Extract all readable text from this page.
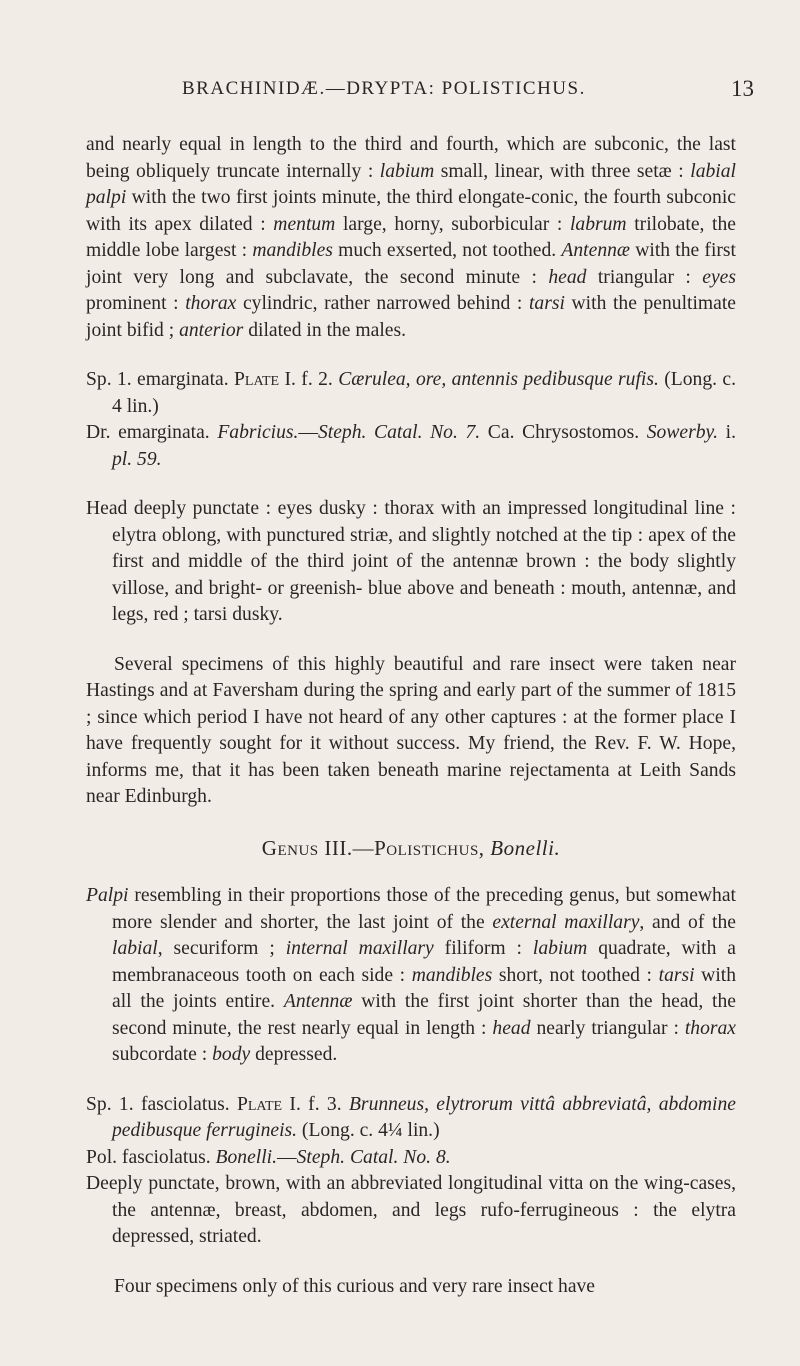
BRACHINIDÆ.—DRYPTA: POLISTICHUS.	13

and nearly equal in length to the third and fourth, which are subconic, the last being obliquely truncate internally : labium small, linear, with three setæ : labial palpi with the two first joints minute, the third elongate-conic, the fourth subconic with its apex dilated : mentum large, horny, suborbicular : labrum trilobate, the middle lobe largest : mandibles much exserted, not toothed. Antennæ with the first joint very long and subclavate, the second minute : head triangular : eyes prominent : thorax cylindric, rather narrowed behind : tarsi with the penultimate joint bifid ; anterior dilated in the males.

Sp. 1. emarginata. Plate I. f. 2. Cærulea, ore, antennis pedibusque rufis. (Long. c. 4 lin.)

Dr. emarginata. Fabricius.—Steph. Catal. No. 7. Ca. Chrysostomos. Sowerby. i. pl. 59.

Head deeply punctate : eyes dusky : thorax with an impressed longitudinal line : elytra oblong, with punctured striæ, and slightly notched at the tip : apex of the first and middle of the third joint of the antennæ brown : the body slightly villose, and bright- or greenish- blue above and beneath : mouth, antennæ, and legs, red ; tarsi dusky.

Several specimens of this highly beautiful and rare insect were taken near Hastings and at Faversham during the spring and early part of the summer of 1815 ; since which period I have not heard of any other captures : at the former place I have frequently sought for it without success. My friend, the Rev. F. W. Hope, informs me, that it has been taken beneath marine rejectamenta at Leith Sands near Edinburgh.

Genus III.—Polistichus, Bonelli.

Palpi resembling in their proportions those of the preceding genus, but somewhat more slender and shorter, the last joint of the external maxillary, and of the labial, securiform ; internal maxillary filiform : labium quadrate, with a membranaceous tooth on each side : mandibles short, not toothed : tarsi with all the joints entire. Antennæ with the first joint shorter than the head, the second minute, the rest nearly equal in length : head nearly triangular : thorax subcordate : body depressed.

Sp. 1. fasciolatus. Plate I. f. 3. Brunneus, elytrorum vittâ abbreviatâ, abdomine pedibusque ferrugineis. (Long. c. 4¼ lin.)

Pol. fasciolatus. Bonelli.—Steph. Catal. No. 8.

Deeply punctate, brown, with an abbreviated longitudinal vitta on the wing-cases, the antennæ, breast, abdomen, and legs rufo-ferrugineous : the elytra depressed, striated.

Four specimens only of this curious and very rare insect have
